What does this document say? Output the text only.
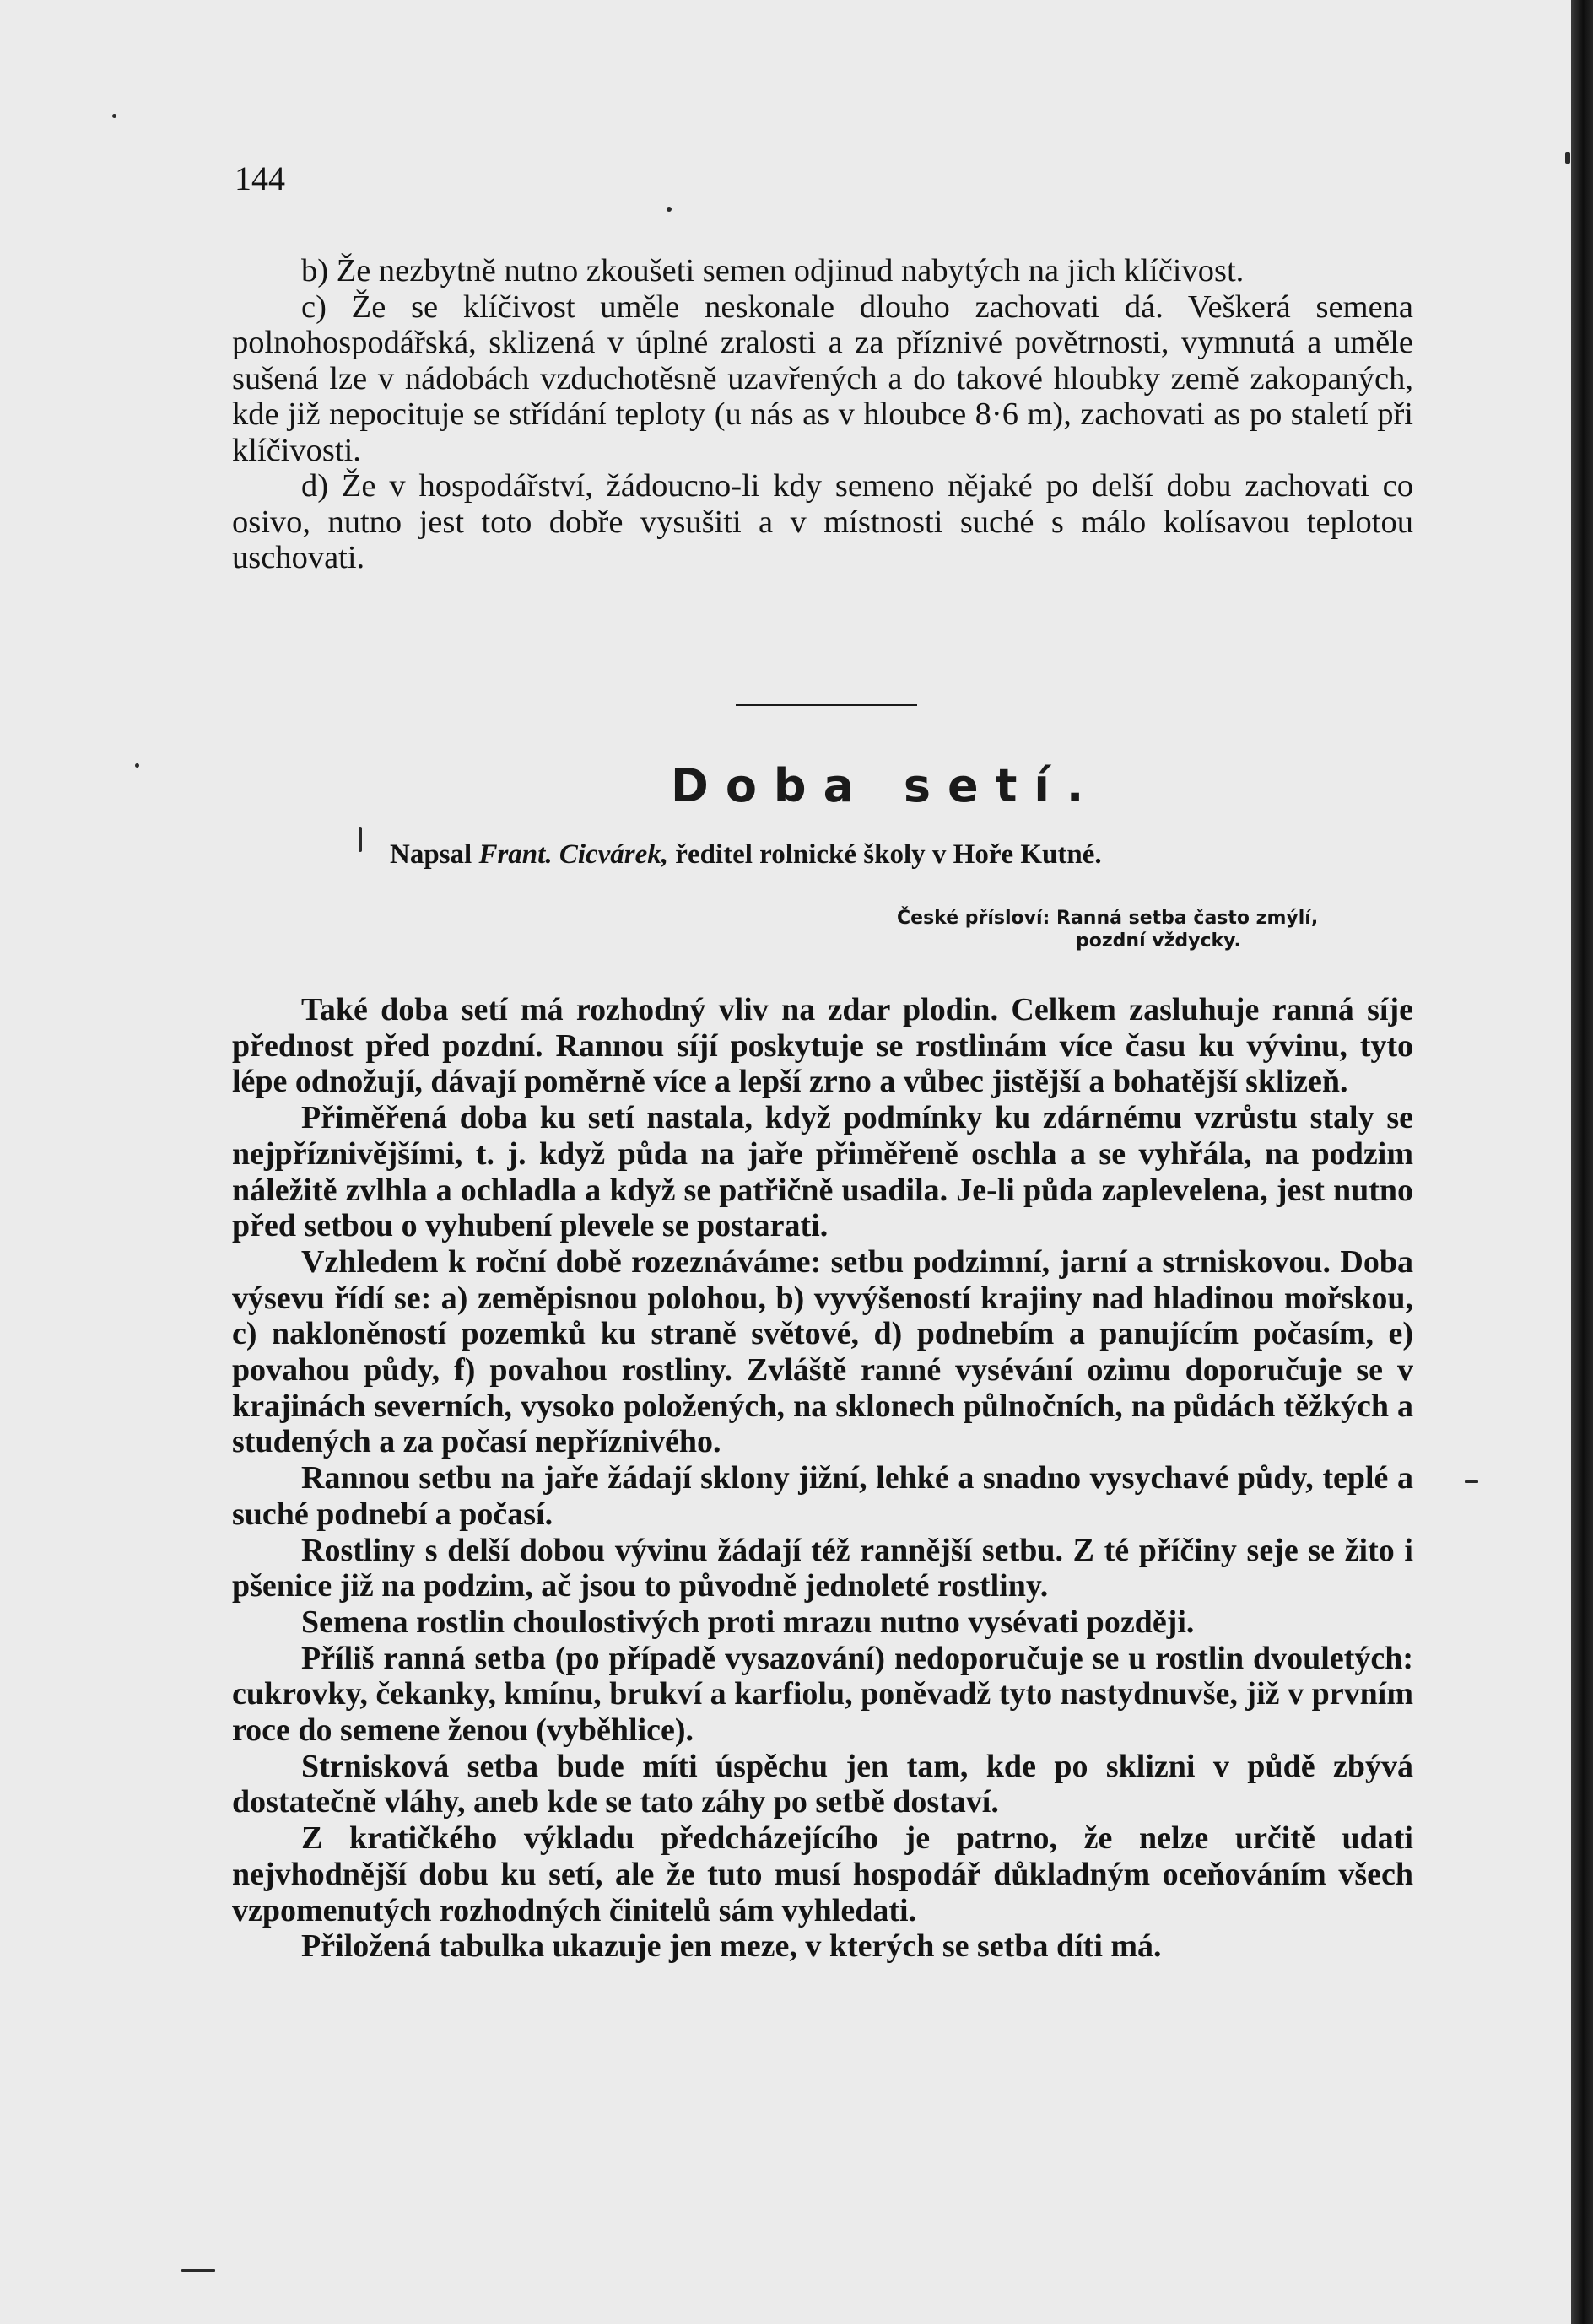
144

b) Že nezbytně nutno zkoušeti semen odjinud nabytých na jich klíčivost.

c) Že se klíčivost uměle neskonale dlouho zachovati dá. Veškerá semena polnohospodářská, sklizená v úplné zralosti a za příznivé povětrnosti, vymnutá a uměle sušená lze v nádobách vzduchotěsně uzavřených a do takové hloubky země zakopaných, kde již nepocituje se střídání teploty (u nás as v hloubce 8·6 m), zachovati as po staletí při klíčivosti.

d) Že v hospodářství, žádoucno-li kdy semeno nějaké po delší dobu zachovati co osivo, nutno jest toto dobře vysušiti a v místnosti suché s málo kolísavou teplotou uschovati.

Doba setí.

Napsal Frant. Cicvárek, ředitel rolnické školy v Hoře Kutné.

České přísloví: Ranná setba často zmýlí,
pozdní vždycky.

Také doba setí má rozhodný vliv na zdar plodin. Celkem zasluhuje ranná síje přednost před pozdní. Rannou síjí poskytuje se rostlinám více času ku vývinu, tyto lépe odnožují, dávají poměrně více a lepší zrno a vůbec jistější a bohatější sklizeň.

Přiměřená doba ku setí nastala, když podmínky ku zdárnému vzrůstu staly se nejpříznivějšími, t. j. když půda na jaře přiměřeně oschla a se vyhřála, na podzim náležitě zvlhla a ochladla a když se patřičně usadila. Je-li půda zaplevelena, jest nutno před setbou o vyhubení plevele se postarati.

Vzhledem k roční době rozeznáváme: setbu podzimní, jarní a strniskovou. Doba výsevu řídí se: a) zeměpisnou polohou, b) vyvýšeností krajiny nad hladinou mořskou, c) nakloněností pozemků ku straně světové, d) podnebím a panujícím počasím, e) povahou půdy, f) povahou rostliny. Zvláště ranné vysévání ozimu doporučuje se v krajinách severních, vysoko položených, na sklonech půlnočních, na půdách těžkých a studených a za počasí nepříznivého.

Rannou setbu na jaře žádají sklony jižní, lehké a snadno vysychavé půdy, teplé a suché podnebí a počasí.

Rostliny s delší dobou vývinu žádají též rannější setbu. Z té příčiny seje se žito i pšenice již na podzim, ač jsou to původně jednoleté rostliny.

Semena rostlin choulostivých proti mrazu nutno vysévati později.

Příliš ranná setba (po případě vysazování) nedoporučuje se u rostlin dvouletých: cukrovky, čekanky, kmínu, brukví a karfiolu, poněvadž tyto nastydnuvše, již v prvním roce do semene ženou (vyběhlice).

Strnisková setba bude míti úspěchu jen tam, kde po sklizni v půdě zbývá dostatečně vláhy, aneb kde se tato záhy po setbě dostaví.

Z kratičkého výkladu předcházejícího je patrno, že nelze určitě udati nejvhodnější dobu ku setí, ale že tuto musí hospodář důkladným oceňováním všech vzpomenutých rozhodných činitelů sám vyhledati.

Přiložená tabulka ukazuje jen meze, v kterých se setba díti má.
